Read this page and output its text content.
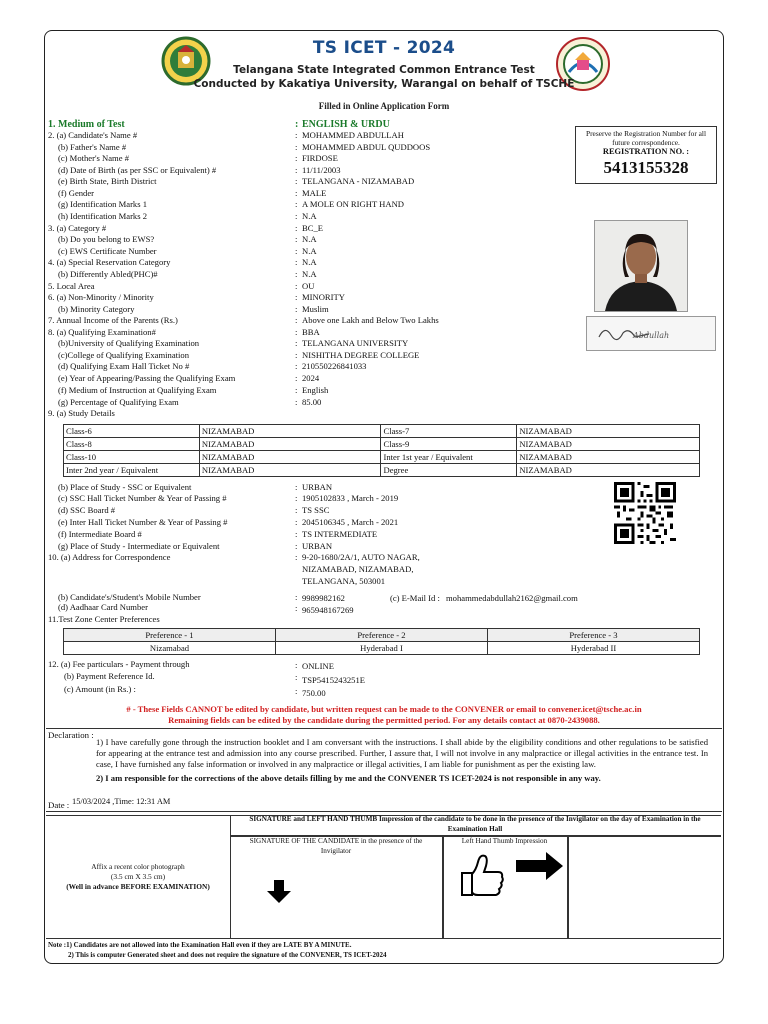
TS ICET - 2024
Telangana State Integrated Common Entrance Test
Conducted by Kakatiya University, Warangal on behalf of TSCHE
Filled in Online Application Form
Preserve the Registration Number for all future correspondence.
REGISTRATION NO. :
5413155328
Abdullah
1. Medium of Test	: ENGLISH & URDU
2. (a) Candidate's Name #	: MOHAMMED ABDULLAH
(b) Father's Name #	: MOHAMMED ABDUL QUDDOOS
(c) Mother's Name #	: FIRDOSE
(d) Date of Birth (as per SSC or Equivalent) #	: 11/11/2003
(e) Birth State, Birth District	: TELANGANA - NIZAMABAD
(f) Gender	: MALE
(g) Identification Marks 1	: A MOLE ON RIGHT HAND
(h) Identification Marks 2	: N.A
3. (a) Category #	: BC_E
(b) Do you belong to EWS?	: N.A
(c) EWS Certificate Number	: N.A
4. (a) Special Reservation Category	: N.A
(b) Differently Abled(PHC)#	: N.A
5. Local Area	: OU
6. (a) Non-Minority / Minority	: MINORITY
(b) Minority Category	: Muslim
7. Annual Income of the Parents (Rs.)	: Above one Lakh and Below Two Lakhs
8. (a) Qualifying Examination#	: BBA
(b)University of Qualifying Examination	: TELANGANA UNIVERSITY
(c)College of Qualifying Examination	: NISHITHA DEGREE COLLEGE
(d) Qualifying Exam Hall Ticket No #	: 210550226841033
(e) Year of Appearing/Passing the Qualifying Exam	: 2024
(f) Medium of Instruction at Qualifying Exam	: English
(g) Percentage of Qualifying Exam	: 85.00
9. (a) Study Details
Class-6	NIZAMABAD	Class-7	NIZAMABAD
Class-8	NIZAMABAD	Class-9	NIZAMABAD
Class-10	NIZAMABAD	Inter 1st year / Equivalent	NIZAMABAD
Inter 2nd year / Equivalent	NIZAMABAD	Degree	NIZAMABAD
(b) Place of Study - SSC or Equivalent	: URBAN
(c) SSC Hall Ticket Number & Year of Passing #	: 1905102833 , March - 2019
(d) SSC Board #	: TS SSC
(e) Inter Hall Ticket Number & Year of Passing #	: 2045106345 , March - 2021
(f) Intermediate Board #	: TS INTERMEDIATE
(g) Place of Study - Intermediate or Equivalent	: URBAN
10. (a) Address for Correspondence	: 9-20-1680/2A/1, AUTO NAGAR,
NIZAMABAD, NIZAMABAD,
TELANGANA, 503001
(b) Candidate's/Student's Mobile Number	: 9989982162	(c) E-Mail Id : mohammedabdullah2162@gmail.com
(d) Aadhaar Card Number	: 965948167269
11.Test Zone Center Preferences
Preference - 1	Preference - 2	Preference - 3
Nizamabad	Hyderabad I	Hyderabad II
12. (a) Fee particulars - Payment through	: ONLINE
(b) Payment Reference Id.	: TSP5415243251E
(c) Amount (in Rs.) :	: 750.00
# - These Fields CANNOT be edited by candidate, but written request can be made to the CONVENER or email to convener.icet@tsche.ac.in
Remaining fields can be edited by the candidate during the permitted period. For any details contact at 0870-2439088.
Declaration :
1) I have carefully gone through the instruction booklet and I am conversant with the instructions. I shall abide by the eligibility conditions and other regulations to be satisfied for appearing at the entrance test and admission into any course prescribed. Further, I assure that, I will not involve in any malpractice or illegal activities in the entrance test. In case, I have furnished any false information or involved in any malpractice or illegal activities, I am liable for punishment as per the existing law.
2) I am responsible for the corrections of the above details filling by me and the CONVENER TS ICET-2024 is not responsible in any way.
Date : 15/03/2024 ,Time: 12:31 AM
Affix a recent color photograph
(3.5 cm X 3.5 cm)
(Well in advance BEFORE EXAMINATION)
SIGNATURE and LEFT HAND THUMB Impression of the candidate to be done in the presence of the Invigilator on the day of Examination in the Examination Hall
SIGNATURE OF THE CANDIDATE in the presence of the Invigilator
Left Hand Thumb Impression
Note :1) Candidates are not allowed into the Examination Hall even if they are LATE BY A MINUTE.
2) This is computer Generated sheet and does not require the signature of the CONVENER, TS ICET-2024
